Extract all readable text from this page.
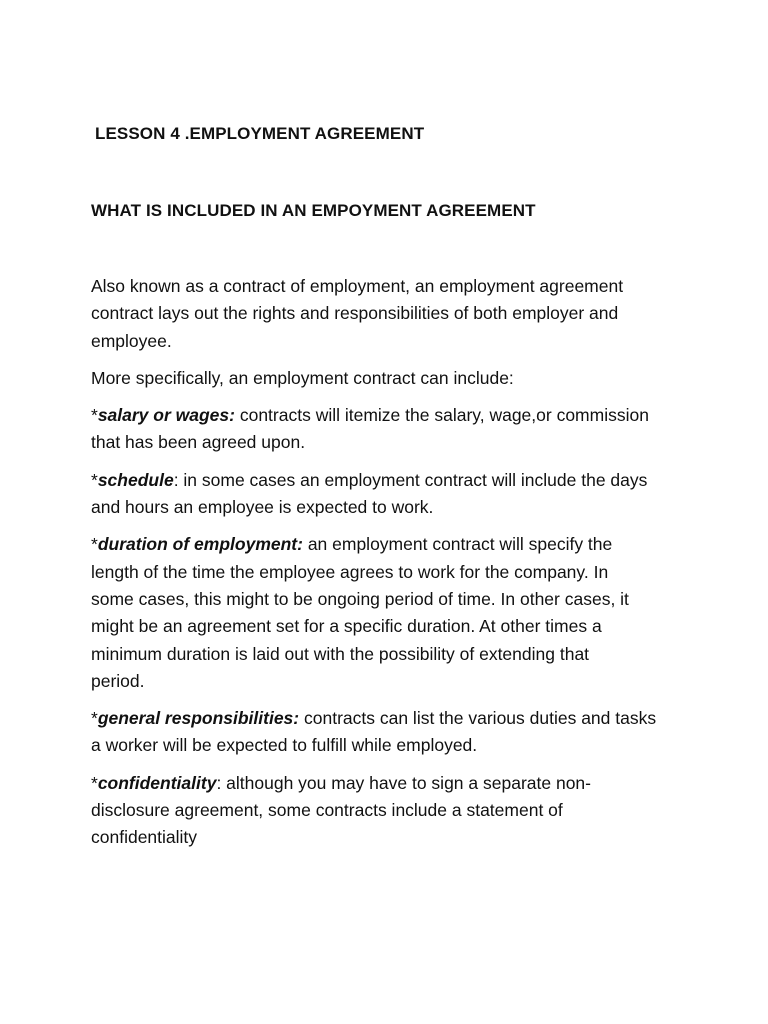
LESSON 4 .EMPLOYMENT AGREEMENT
WHAT IS INCLUDED IN AN EMPOYMENT AGREEMENT

Also known as a contract of employment, an employment agreement
contract lays out the rights and responsibilities of both employer and
employee.

More specifically, an employment contract can include:

*salary or wages: contracts will itemize the salary, wage,or commission
that has been agreed upon.

*schedule: in some cases an employment contract will include the days
and hours an employee is expected to work.

*duration of employment: an employment contract will specify the
length of the time the employee agrees to work for the company. In
some cases, this might to be ongoing period of time. In other cases, it
might be an agreement set for a specific duration. At other times a
minimum duration is laid out with the possibility of extending that
period.

*general responsibilities: contracts can list the various duties and tasks
a worker will be expected to fulfill while employed.

*confidentiality: although you may have to sign a separate non-
disclosure agreement, some contracts include a statement of
confidentiality
